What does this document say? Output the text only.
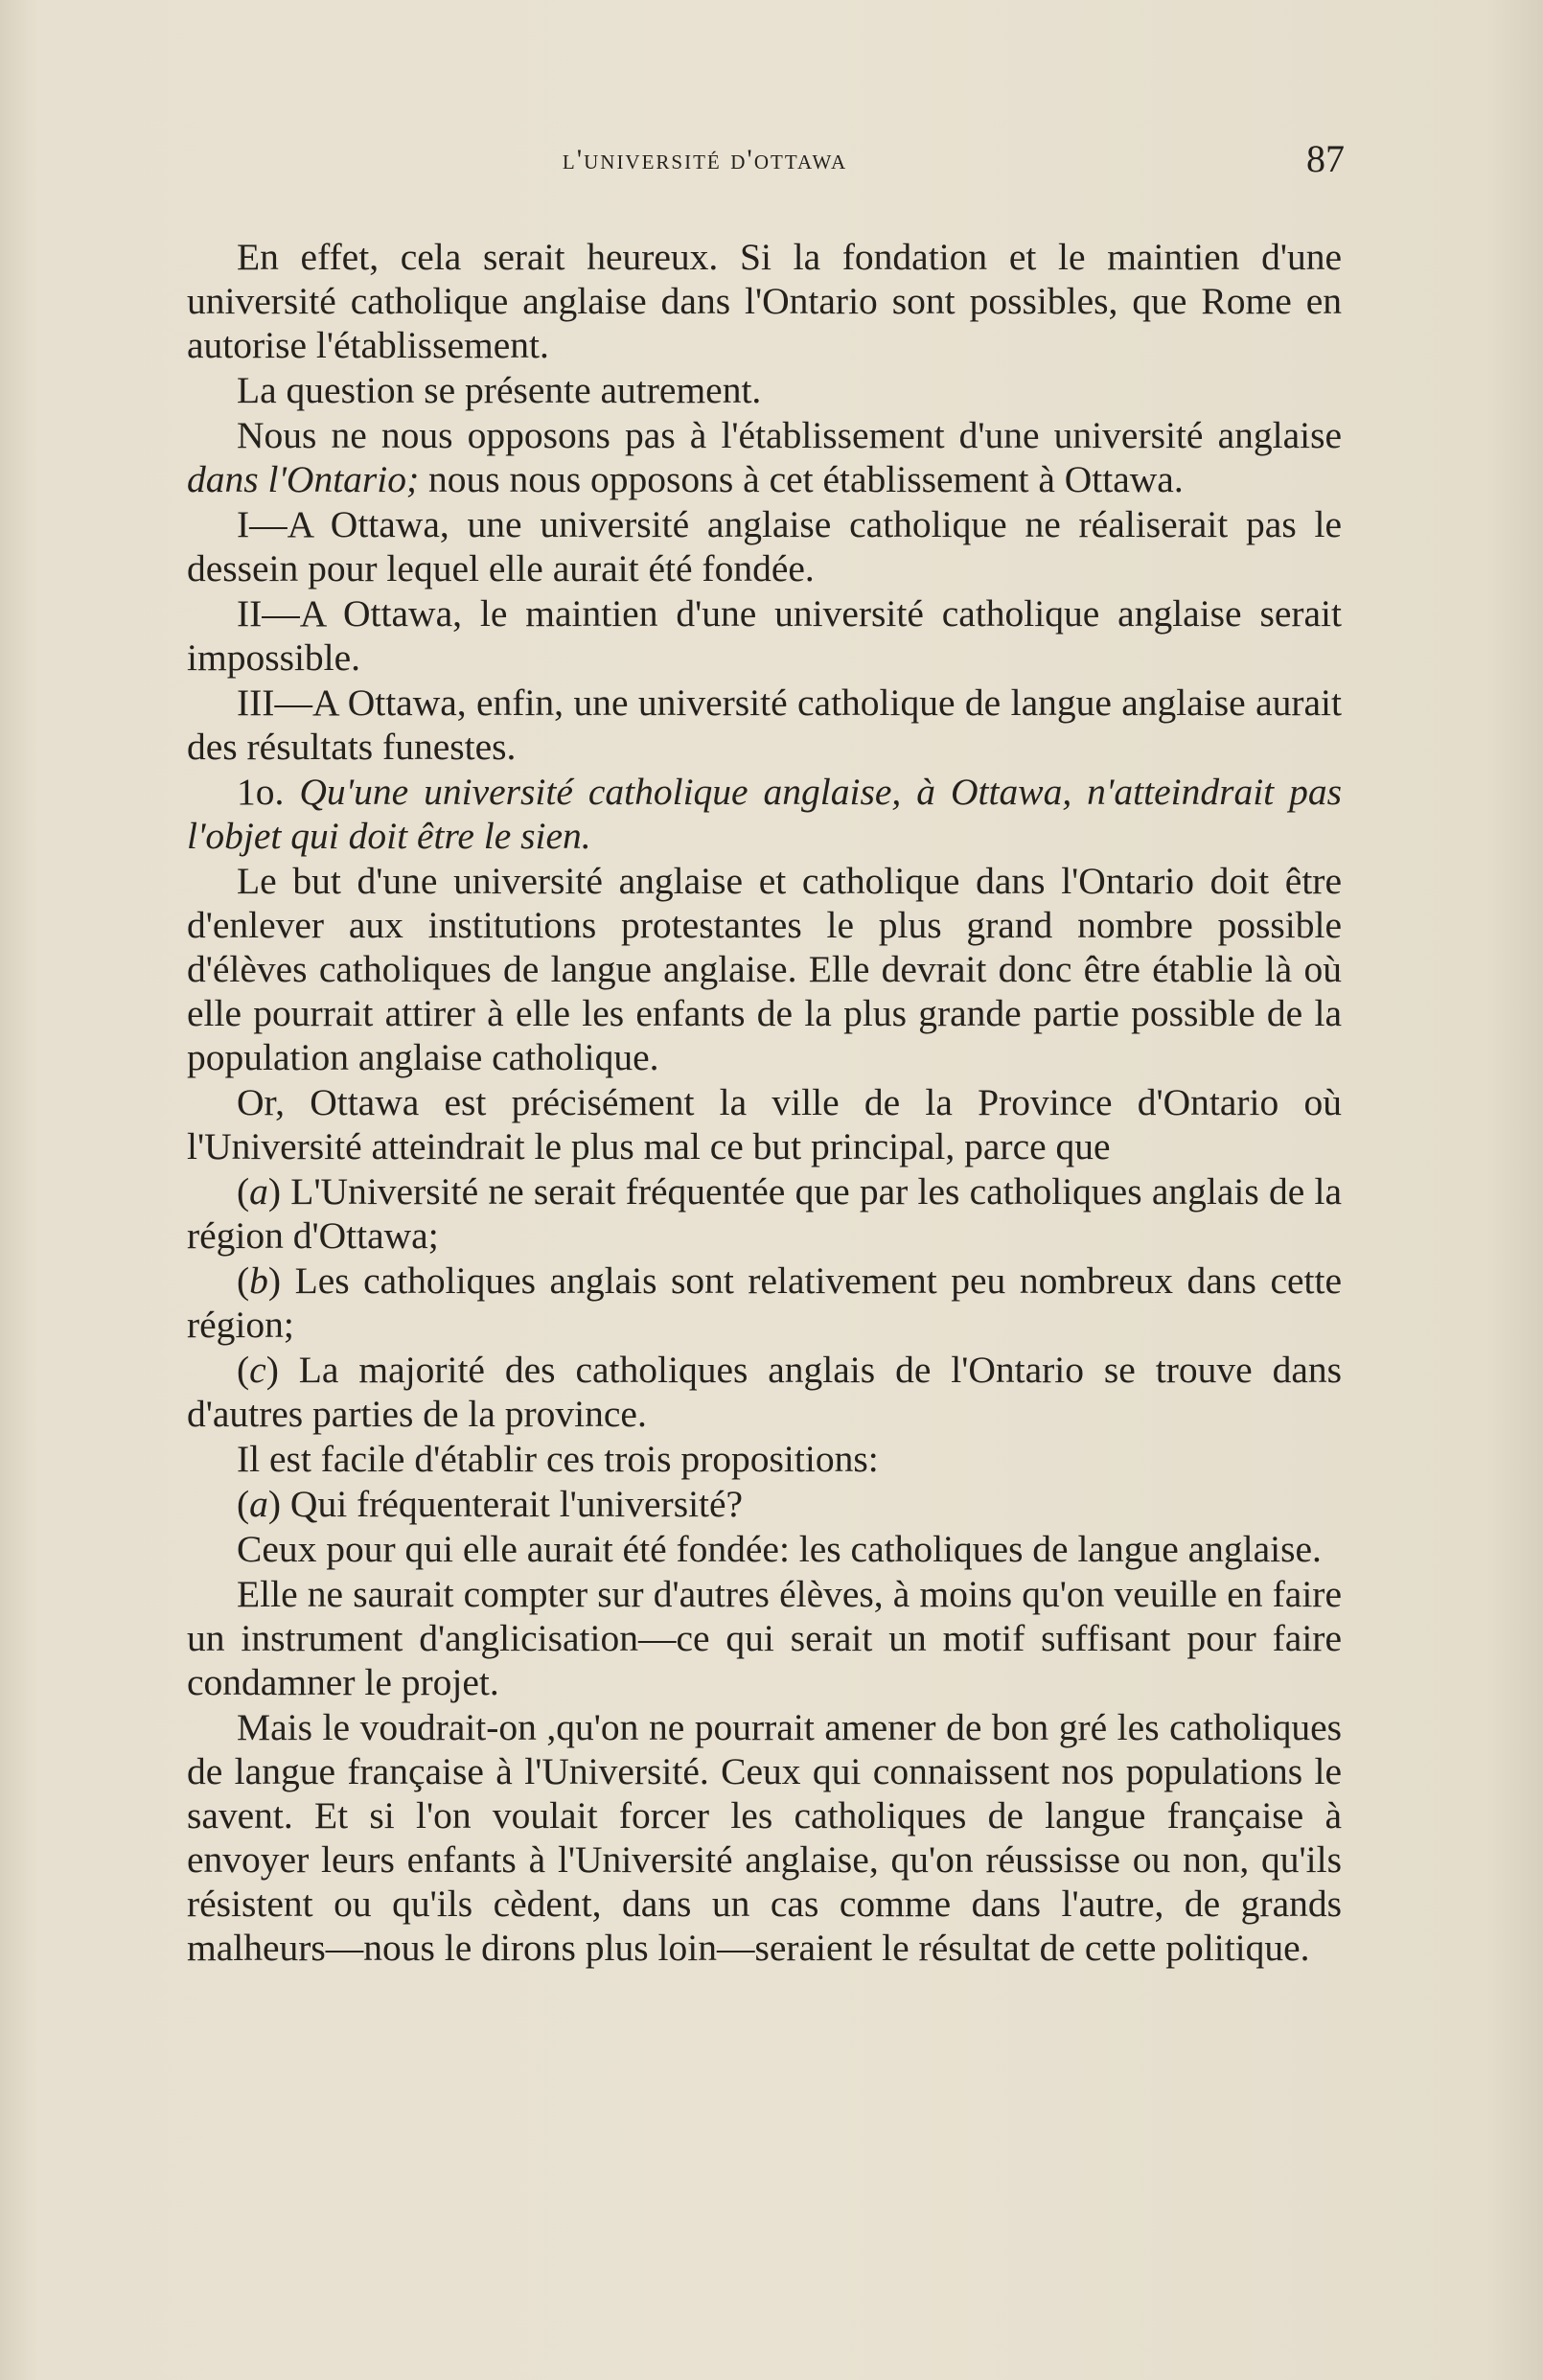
l'université d'ottawa	87

En effet, cela serait heureux. Si la fondation et le maintien d'une université catholique anglaise dans l'Ontario sont possibles, que Rome en autorise l'établissement.

La question se présente autrement.

Nous ne nous opposons pas à l'établissement d'une université anglaise dans l'Ontario; nous nous opposons à cet établissement à Ottawa.

I—A Ottawa, une université anglaise catholique ne réaliserait pas le dessein pour lequel elle aurait été fondée.

II—A Ottawa, le maintien d'une université catholique anglaise serait impossible.

III—A Ottawa, enfin, une université catholique de langue anglaise aurait des résultats funestes.

1o. Qu'une université catholique anglaise, à Ottawa, n'atteindrait pas l'objet qui doit être le sien.

Le but d'une université anglaise et catholique dans l'Ontario doit être d'enlever aux institutions protestantes le plus grand nombre possible d'élèves catholiques de langue anglaise. Elle devrait donc être établie là où elle pourrait attirer à elle les enfants de la plus grande partie possible de la population anglaise catholique.

Or, Ottawa est précisément la ville de la Province d'Ontario où l'Université atteindrait le plus mal ce but principal, parce que

(a) L'Université ne serait fréquentée que par les catholiques anglais de la région d'Ottawa;

(b) Les catholiques anglais sont relativement peu nombreux dans cette région;

(c) La majorité des catholiques anglais de l'Ontario se trouve dans d'autres parties de la province.

Il est facile d'établir ces trois propositions:

(a) Qui fréquenterait l'université?

Ceux pour qui elle aurait été fondée: les catholiques de langue anglaise.

Elle ne saurait compter sur d'autres élèves, à moins qu'on veuille en faire un instrument d'anglicisation—ce qui serait un motif suffisant pour faire condamner le projet.

Mais le voudrait-on ,qu'on ne pourrait amener de bon gré les catholiques de langue française à l'Université. Ceux qui connaissent nos populations le savent. Et si l'on voulait forcer les catholiques de langue française à envoyer leurs enfants à l'Université anglaise, qu'on réussisse ou non, qu'ils résistent ou qu'ils cèdent, dans un cas comme dans l'autre, de grands malheurs—nous le dirons plus loin—seraient le résultat de cette politique.
